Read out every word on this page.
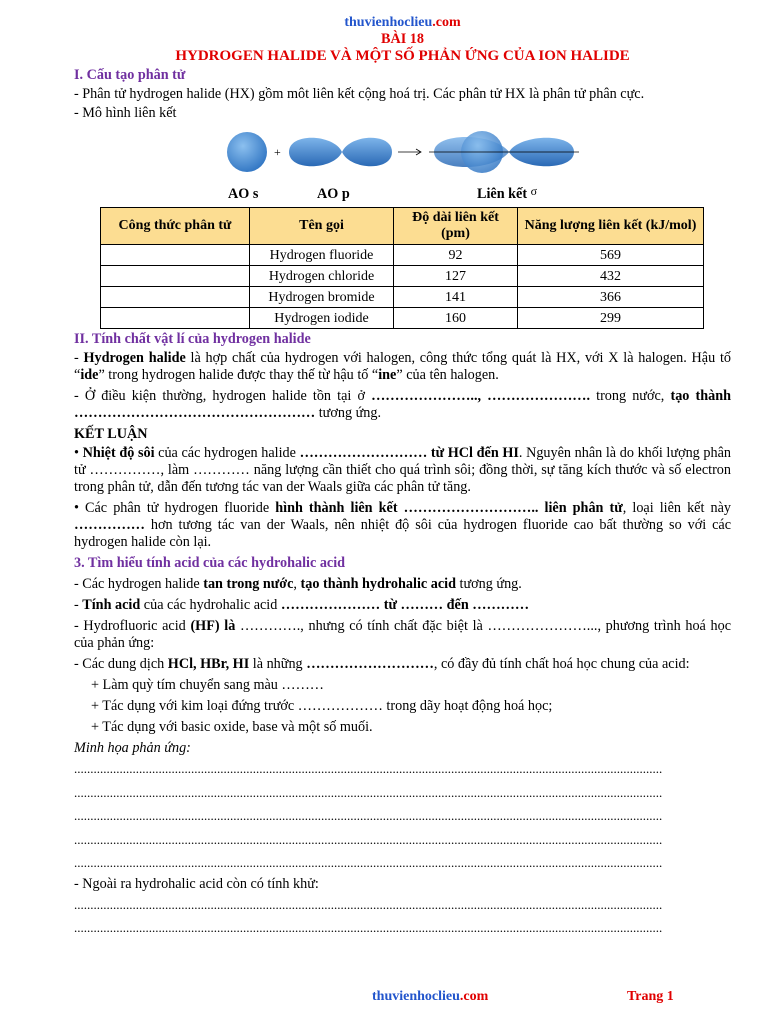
thuvienhoclieu.com
BÀI 18
HYDROGEN HALIDE VÀ MỘT SỐ PHẢN ỨNG CỦA ION HALIDE
I. Cấu tạo phân tử

- Phân tử hydrogen halide (HX) gồm môt liên kết cộng hoá trị. Các phân tử HX là phân tử phân cực.

- Mô hình liên kết

+
AO s	AO p	Liên kết $^\sigma$
Công thức phân tử	Tên gọi	Độ dài liên kết (pm)	Năng lượng liên kết (kJ/mol)
	Hydrogen fluoride	92	569
	Hydrogen chloride	127	432
	Hydrogen bromide	141	366
	Hydrogen iodide	160	299
II. Tính chất vật lí của hydrogen halide

- Hydrogen halide là hợp chất của hydrogen với halogen, công thức tổng quát là HX, với X là halogen. Hậu tố “ide” trong hydrogen halide được thay thế từ hậu tố “ine” của tên halogen.

- Ở điều kiện thường, hydrogen halide tồn tại ở ………………….., …………………. trong nước, tạo thành …………………………………………… tương ứng.

KẾT LUẬN

• Nhiệt độ sôi của các hydrogen halide ……………………… từ HCl đến HI. Nguyên nhân là do khối lượng phân tử ……………, làm ………… năng lượng cần thiết cho quá trình sôi; đồng thời, sự tăng kích thước và số electron trong phân tử, dẫn đến tương tác van der Waals giữa các phân tử tăng.

• Các phân tử hydrogen fluoride hình thành liên kết ……………………….. liên phân tử, loại liên kết này …………… hơn tương tác van der Waals, nên nhiệt độ sôi của hydrogen fluoride cao bất thường so với các hydrogen halide còn lại.

3. Tìm hiểu tính acid của các hydrohalic acid

- Các hydrogen halide tan trong nước, tạo thành hydrohalic acid tương ứng.

- Tính acid của các hydrohalic acid ………………… từ ……… đến …………

- Hydrofluoric acid (HF) là …………., nhưng có tính chất đặc biệt là …………………..., phương trình hoá học của phản ứng:

- Các dung dịch HCl, HBr, HI là những ………………………, có đầy đủ tính chất hoá học chung của acid:

+ Làm quỳ tím chuyển sang màu ………

+ Tác dụng với kim loại đứng trước ……………… trong dãy hoạt động hoá học;

+ Tác dụng với basic oxide, base và một số muối.

Minh họa phản ứng:

.....................................................................................................................................................................................
.....................................................................................................................................................................................
.....................................................................................................................................................................................
.....................................................................................................................................................................................
.....................................................................................................................................................................................

- Ngoài ra hydrohalic acid còn có tính khử:

.....................................................................................................................................................................................
.....................................................................................................................................................................................
thuvienhoclieu.com	Trang 1
